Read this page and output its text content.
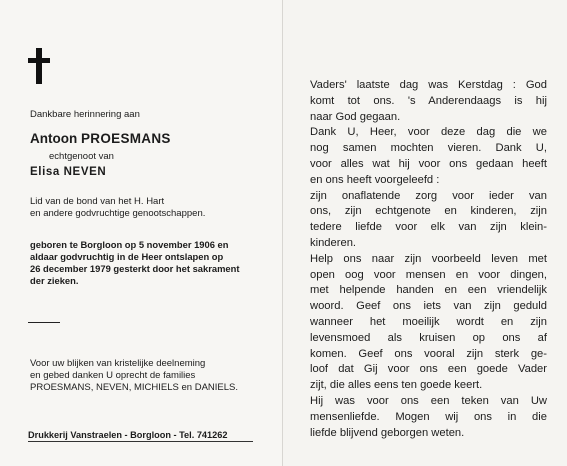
Dankbare herinnering aan
Antoon PROESMANS
echtgenoot van
Elisa NEVEN
Lid van de bond van het H. Hart
en andere godvruchtige genootschappen.
geboren te Borgloon op 5 november 1906 en
aldaar godvruchtig in de Heer ontslapen op
26 december 1979 gesterkt door het sakrament
der zieken.
Voor uw blijken van kristelijke deelneming
en gebed danken U oprecht de families
PROESMANS, NEVEN, MICHIELS en DANIELS.
Drukkerij Vanstraelen - Borgloon - Tel. 741262
Vaders' laatste dag was Kerstdag : God
komt tot ons. 's Anderendaags is hij
naar God gegaan.
Dank U, Heer, voor deze dag die we
nog samen mochten vieren. Dank U,
voor alles wat hij voor ons gedaan heeft
en ons heeft voorgeleefd :
zijn onaflatende zorg voor ieder van
ons, zijn echtgenote en kinderen, zijn
tedere liefde voor elk van zijn klein-
kinderen.
Help ons naar zijn voorbeeld leven met
open oog voor mensen en voor dingen,
met helpende handen en een vriendelijk
woord. Geef ons iets van zijn geduld
wanneer het moeilijk wordt en zijn
levensmoed als kruisen op ons af
komen. Geef ons vooral zijn sterk ge-
loof dat Gij voor ons een goede Vader
zijt, die alles eens ten goede keert.
Hij was voor ons een teken van Uw
mensenliefde. Mogen wij ons in die
liefde blijvend geborgen weten.
